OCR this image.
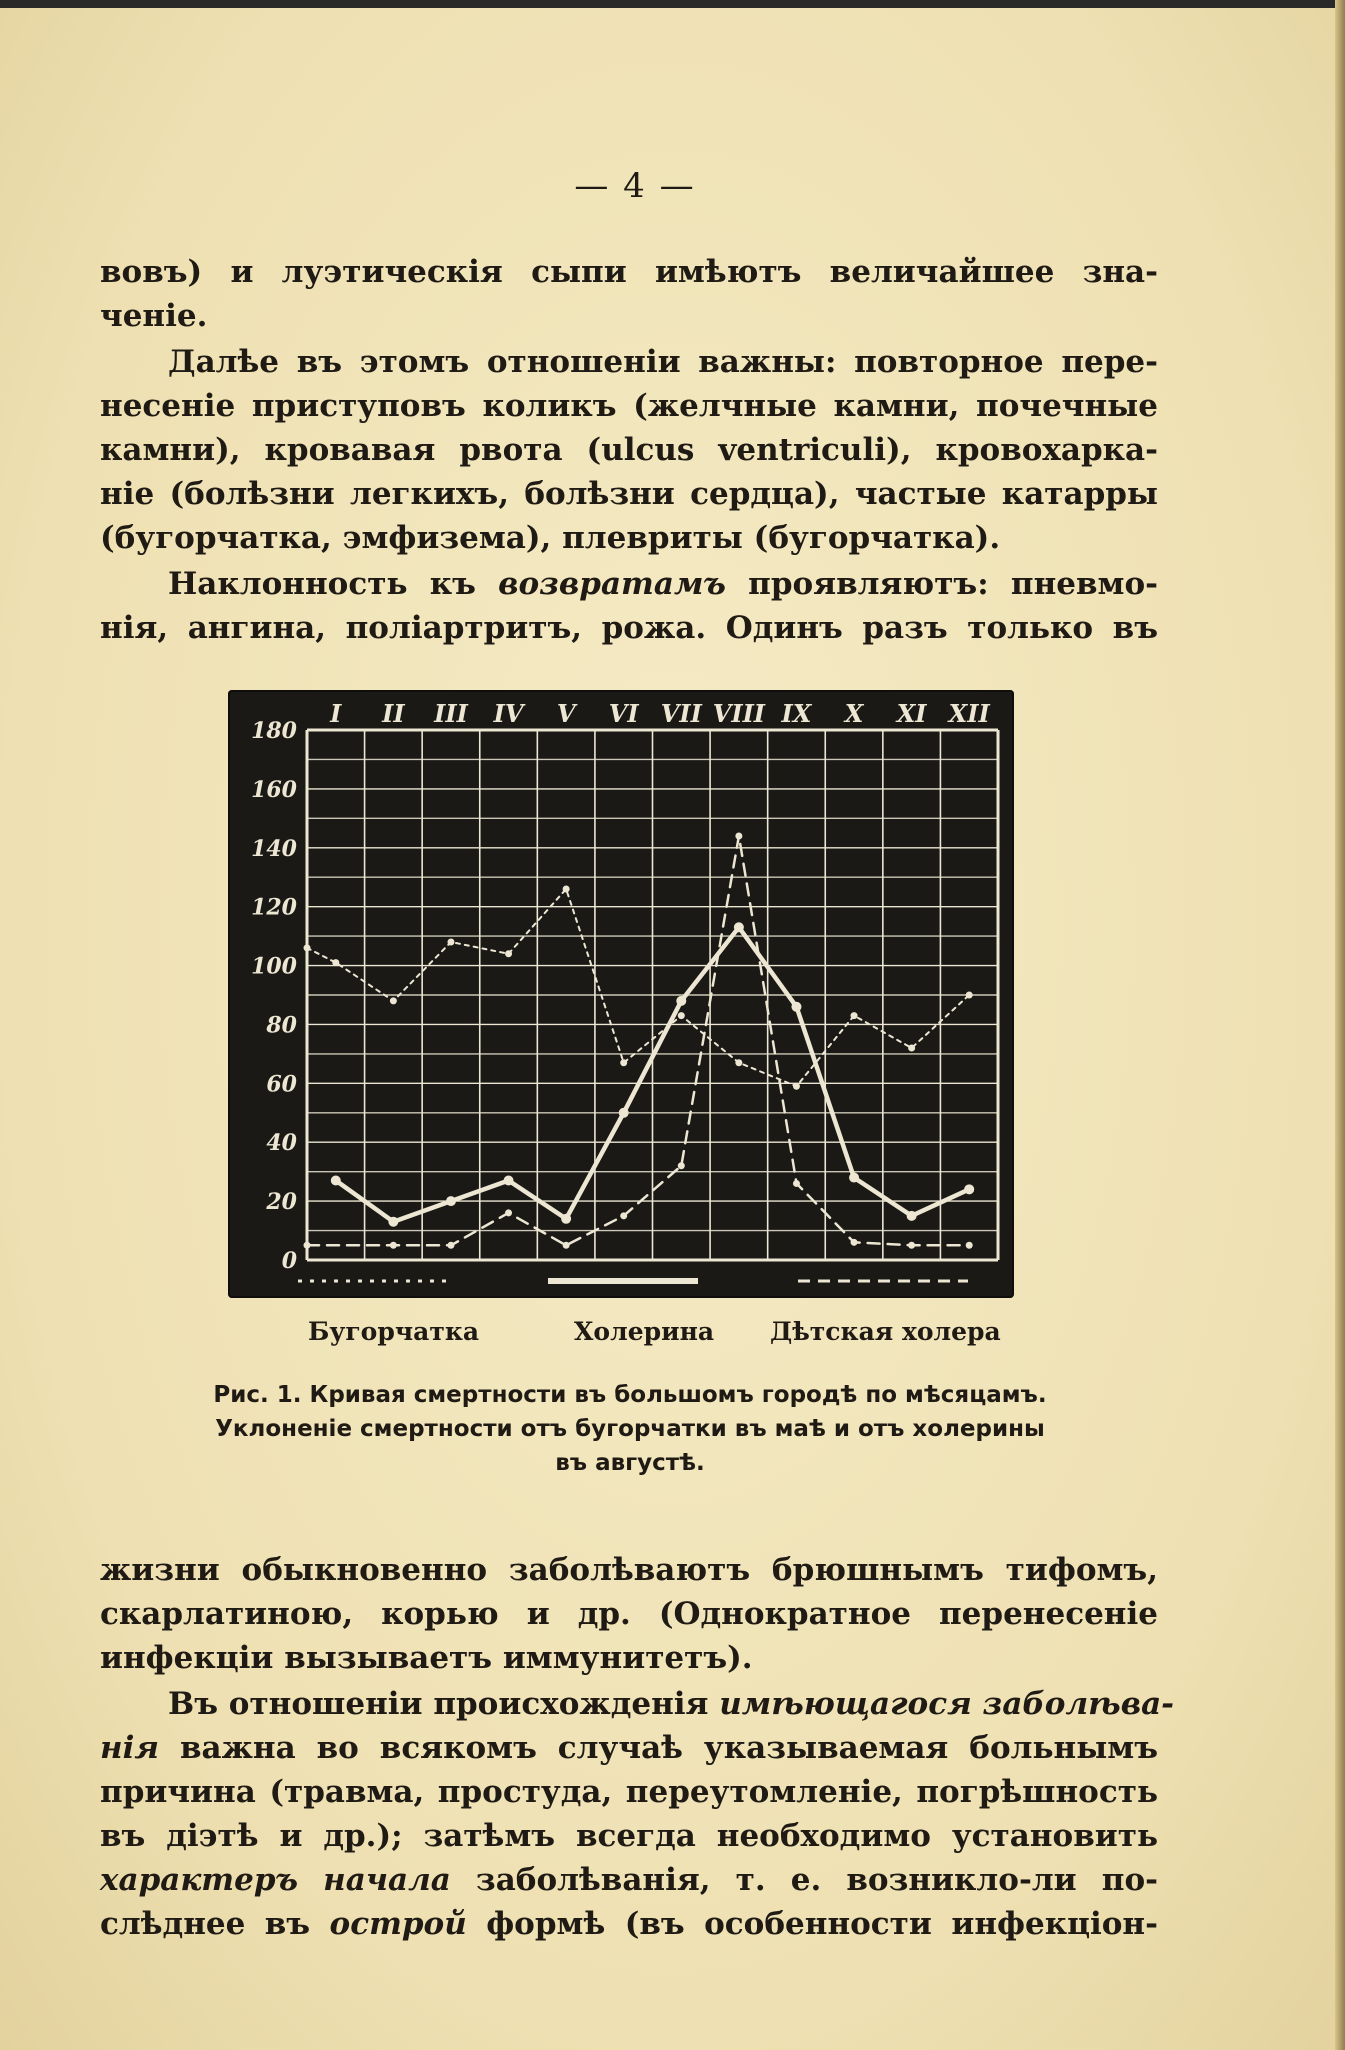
— 4 —
вовъ) и луэтическія сыпи имѣютъ величайшее зна-
ченіе.
Далѣе въ этомъ отношеніи важны: повторное пере-
несеніе приступовъ коликъ (желчные камни, почечные
камни), кровавая рвота (ulcus ventriculi), кровохарка-
ніе (болѣзни легкихъ, болѣзни сердца), частые катарры
(бугорчатка, эмфизема), плевриты (бугорчатка).
Наклонность къ возвратамъ проявляютъ: пневмо-
нія, ангина, поліартритъ, рожа. Одинъ разъ только въ
0
20
40
60
80
100
120
140
160
180
I II III IV V VI VII VIII IX X XI XII
Бугорчатка	Холерина Дѣтская холера
Рис. 1. Кривая смертности въ большомъ городѣ по мѣсяцамъ.
Уклоненіе смертности отъ бугорчатки въ маѣ и отъ холерины
въ августѣ.
жизни обыкновенно заболѣваютъ брюшнымъ тифомъ,
скарлатиною, корью и др. (Однократное перенесеніе
инфекціи вызываетъ иммунитетъ).
Въ отношеніи происхожденія имѣющагося заболѣва-
нія важна во всякомъ случаѣ указываемая больнымъ
причина (травма, простуда, переутомленіе, погрѣшность
въ діэтѣ и др.); затѣмъ всегда необходимо установить
характеръ начала заболѣванія, т. е. возникло-ли по-
слѣднее въ острой формѣ (въ особенности инфекціон-
